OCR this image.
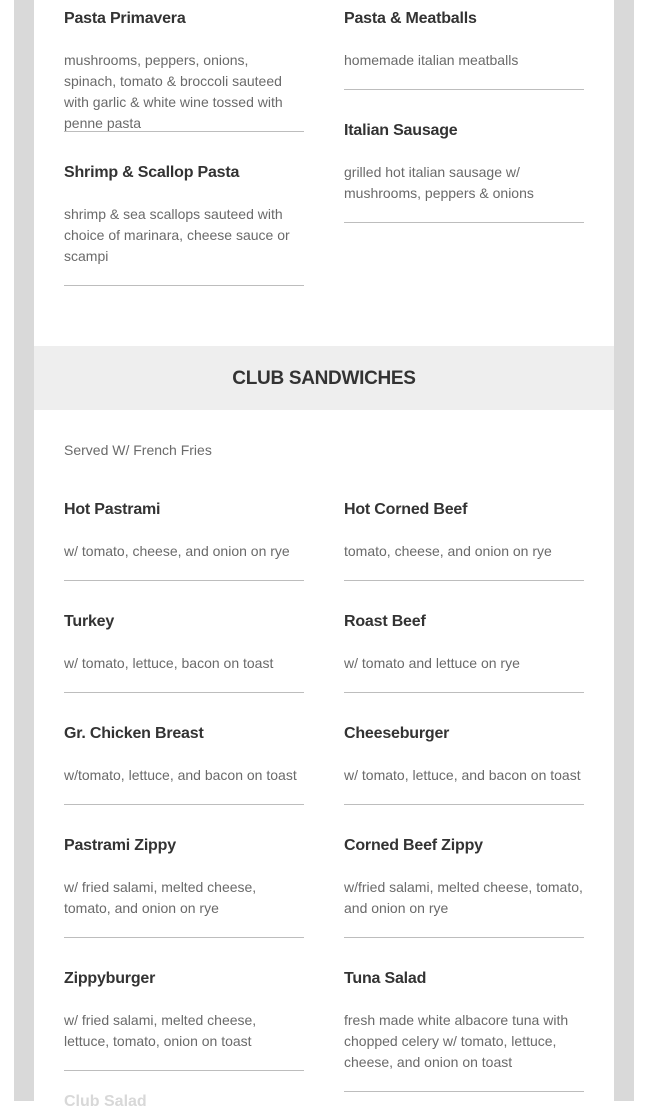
Pasta Primavera
mushrooms, peppers, onions, spinach, tomato & broccoli sauteed with garlic & white wine tossed with penne pasta
Shrimp & Scallop Pasta
shrimp & sea scallops sauteed with choice of marinara, cheese sauce or scampi
Pasta & Meatballs
homemade italian meatballs
Italian Sausage
grilled hot italian sausage w/ mushrooms, peppers & onions
CLUB SANDWICHES
Served W/ French Fries
Hot Pastrami
w/ tomato, cheese, and onion on rye
Turkey
w/ tomato, lettuce, bacon on toast
Gr. Chicken Breast
w/tomato, lettuce, and bacon on toast
Pastrami Zippy
w/ fried salami, melted cheese, tomato, and onion on rye
Zippyburger
w/ fried salami, melted cheese, lettuce, tomato, onion on toast
Hot Corned Beef
tomato, cheese, and onion on rye
Roast Beef
w/ tomato and lettuce on rye
Cheeseburger
w/ tomato, lettuce, and bacon on toast
Corned Beef Zippy
w/fried salami, melted cheese, tomato, and onion on rye
Tuna Salad
fresh made white albacore tuna with chopped celery w/ tomato, lettuce, cheese, and onion on toast
Club Salad
